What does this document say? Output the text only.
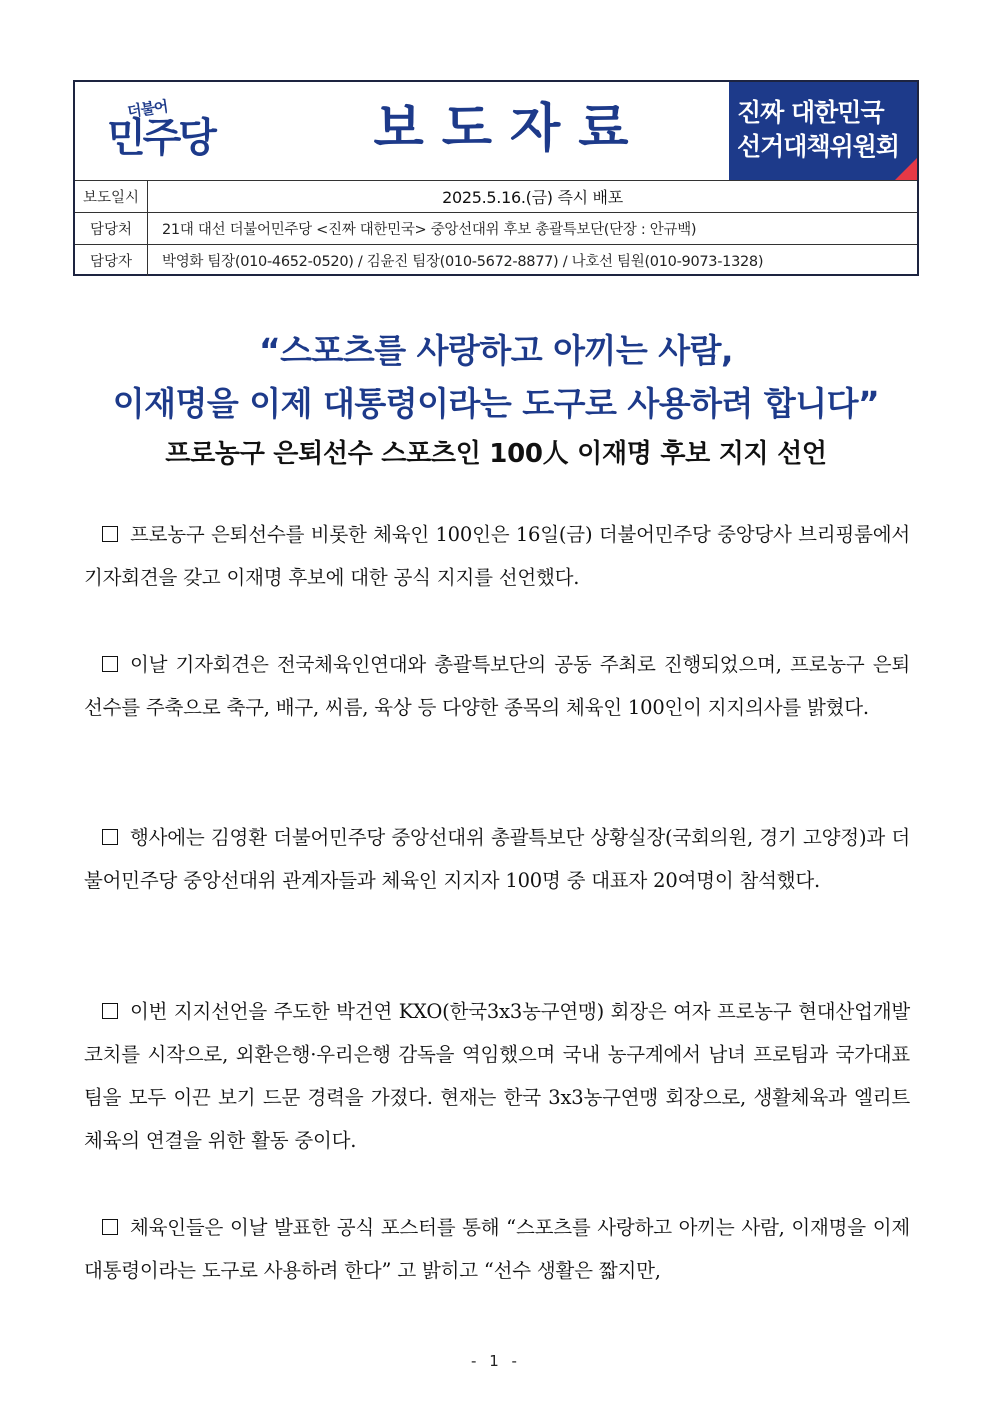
더불어
민주당	보도자료	진짜 대한민국
선거대책위원회
보도일시	2025.5.16.(금) 즉시 배포
담당처	21대 대선 더불어민주당 <진짜 대한민국> 중앙선대위 후보 총괄특보단(단장 : 안규백)
담당자	박영화 팀장(010-4652-0520) / 김윤진 팀장(010-5672-8877) / 나호선 팀원(010-9073-1328)
“스포츠를 사랑하고 아끼는 사람,
이재명을 이제 대통령이라는 도구로 사용하려 합니다”
프로농구 은퇴선수 스포츠인 100人 이재명 후보 지지 선언
프로농구 은퇴선수를 비롯한 체육인 100인은 16일(금) 더불어민주당 중앙당사 브리핑룸에서 기자회견을 갖고 이재명 후보에 대한 공식 지지를 선언했다.
이날 기자회견은 전국체육인연대와 총괄특보단의 공동 주최로 진행되었으며, 프로농구 은퇴선수를 주축으로 축구, 배구, 씨름, 육상 등 다양한 종목의 체육인 100인이 지지의사를 밝혔다.
행사에는 김영환 더불어민주당 중앙선대위 총괄특보단 상황실장(국회의원, 경기 고양정)과 더불어민주당 중앙선대위 관계자들과 체육인 지지자 100명 중 대표자 20여명이 참석했다.
이번 지지선언을 주도한 박건연 KXO(한국3x3농구연맹) 회장은 여자 프로농구 현대산업개발 코치를 시작으로, 외환은행·우리은행 감독을 역임했으며 국내 농구계에서 남녀 프로팀과 국가대표팀을 모두 이끈 보기 드문 경력을 가졌다. 현재는 한국 3x3농구연맹 회장으로, 생활체육과 엘리트 체육의 연결을 위한 활동 중이다.
체육인들은 이날 발표한 공식 포스터를 통해 “스포츠를 사랑하고 아끼는 사람, 이재명을 이제 대통령이라는 도구로 사용하려 한다” 고 밝히고 “선수 생활은 짧지만,
- 1 -
